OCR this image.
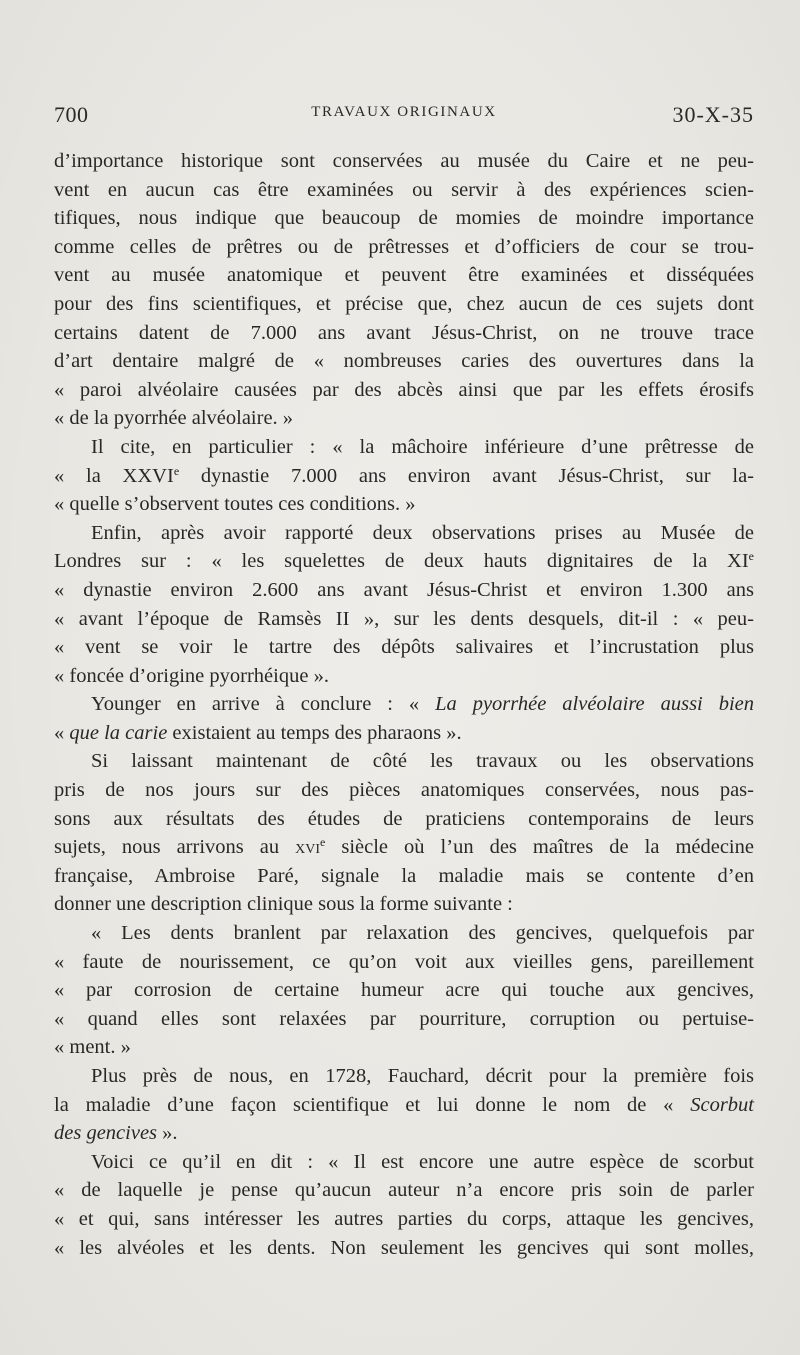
700	TRAVAUX ORIGINAUX	30-X-35
d’importance historique sont conservées au musée du Caire et ne peu-
vent en aucun cas être examinées ou servir à des expériences scien-
tifiques, nous indique que beaucoup de momies de moindre importance
comme celles de prêtres ou de prêtresses et d’officiers de cour se trou-
vent au musée anatomique et peuvent être examinées et disséquées
pour des fins scientifiques, et précise que, chez aucun de ces sujets dont
certains datent de 7.000 ans avant Jésus-Christ, on ne trouve trace
d’art dentaire malgré de « nombreuses caries des ouvertures dans la
« paroi alvéolaire causées par des abcès ainsi que par les effets érosifs
« de la pyorrhée alvéolaire. »
Il cite, en particulier : « la mâchoire inférieure d’une prêtresse de
« la XXVIe dynastie 7.000 ans environ avant Jésus-Christ, sur la-
« quelle s’observent toutes ces conditions. »
Enfin, après avoir rapporté deux observations prises au Musée de
Londres sur : « les squelettes de deux hauts dignitaires de la XIe
« dynastie environ 2.600 ans avant Jésus-Christ et environ 1.300 ans
« avant l’époque de Ramsès II », sur les dents desquels, dit-il : « peu-
« vent se voir le tartre des dépôts salivaires et l’incrustation plus
« foncée d’origine pyorrhéique ».
Younger en arrive à conclure : « La pyorrhée alvéolaire aussi bien
« que la carie existaient au temps des pharaons ».
Si laissant maintenant de côté les travaux ou les observations
pris de nos jours sur des pièces anatomiques conservées, nous pas-
sons aux résultats des études de praticiens contemporains de leurs
sujets, nous arrivons au xvi$^e$ siècle où l’un des maîtres de la médecine
française, Ambroise Paré, signale la maladie mais se contente d’en
donner une description clinique sous la forme suivante :
« Les dents branlent par relaxation des gencives, quelquefois par
« faute de nourissement, ce qu’on voit aux vieilles gens, pareillement
« par corrosion de certaine humeur acre qui touche aux gencives,
« quand elles sont relaxées par pourriture, corruption ou pertuise-
« ment. »
Plus près de nous, en 1728, Fauchard, décrit pour la première fois
la maladie d’une façon scientifique et lui donne le nom de « Scorbut
des gencives ».
Voici ce qu’il en dit : « Il est encore une autre espèce de scorbut
« de laquelle je pense qu’aucun auteur n’a encore pris soin de parler
« et qui, sans intéresser les autres parties du corps, attaque les gencives,
« les alvéoles et les dents. Non seulement les gencives qui sont molles,
